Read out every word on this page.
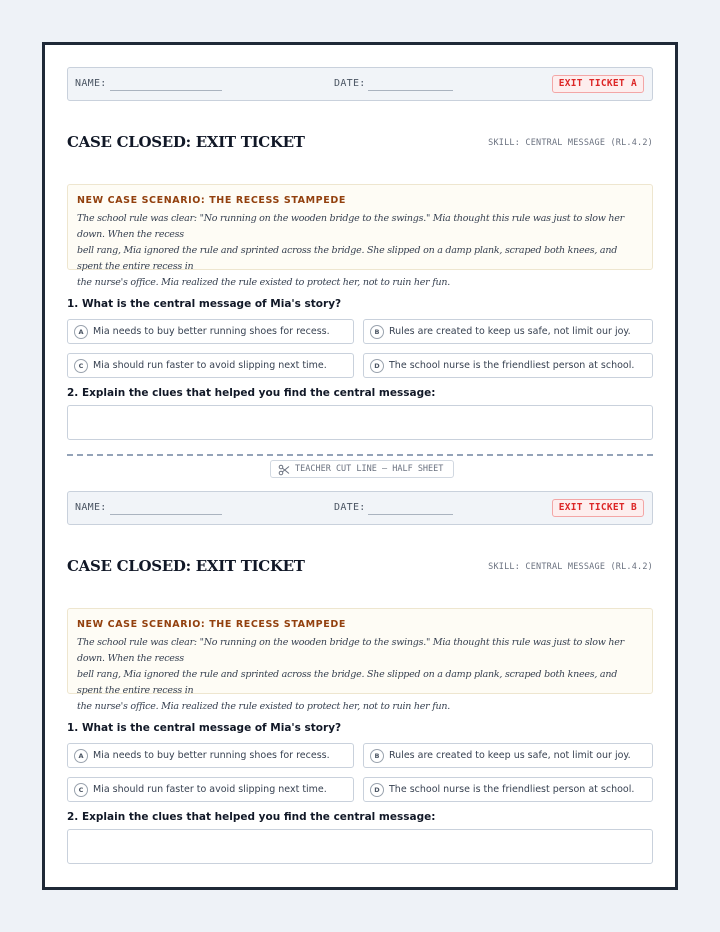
NAME:	DATE:	EXIT TICKET A
CASE CLOSED: EXIT TICKET	SKILL: CENTRAL MESSAGE (RL.4.2)
NEW CASE SCENARIO: THE RECESS STAMPEDE
The school rule was clear: "No running on the wooden bridge to the swings." Mia thought this rule was just to slow her down. When the recess
bell rang, Mia ignored the rule and sprinted across the bridge. She slipped on a damp plank, scraped both knees, and spent the entire recess in
the nurse's office. Mia realized the rule existed to protect her, not to ruin her fun.
1. What is the central message of Mia's story?
A Mia needs to buy better running shoes for recess.	B	Rules are created to keep us safe, not limit our joy.
C	Mia should run faster to avoid slipping next time.	D The school nurse is the friendliest person at school.
2. Explain the clues that helped you find the central message:
TEACHER CUT LINE — HALF SHEET
NAME:	DATE:	EXIT TICKET B
CASE CLOSED: EXIT TICKET	SKILL: CENTRAL MESSAGE (RL.4.2)
NEW CASE SCENARIO: THE RECESS STAMPEDE
The school rule was clear: "No running on the wooden bridge to the swings." Mia thought this rule was just to slow her down. When the recess
bell rang, Mia ignored the rule and sprinted across the bridge. She slipped on a damp plank, scraped both knees, and spent the entire recess in
the nurse's office. Mia realized the rule existed to protect her, not to ruin her fun.
1. What is the central message of Mia's story?
A Mia needs to buy better running shoes for recess.	B	Rules are created to keep us safe, not limit our joy.
C	Mia should run faster to avoid slipping next time.	D The school nurse is the friendliest person at school.
2. Explain the clues that helped you find the central message:
